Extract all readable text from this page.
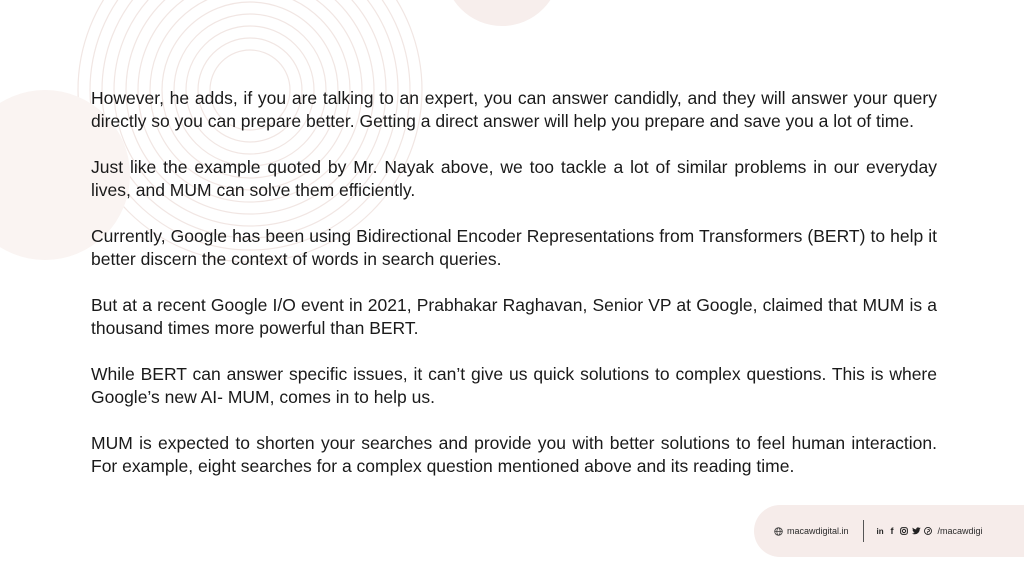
However, he adds, if you are talking to an expert, you can answer candidly, and they will answer your query directly so you can prepare better. Getting a direct answer will help you prepare and save you a lot of time.

Just like the example quoted by Mr. Nayak above, we too tackle a lot of similar problems in our everyday lives, and MUM can solve them efficiently.

Currently, Google has been using Bidirectional Encoder Representations from Transformers (BERT) to help it better discern the context of words in search queries.

But at a recent Google I/O event in 2021, Prabhakar Raghavan, Senior VP at Google, claimed that MUM is a thousand times more powerful than BERT.

While BERT can answer specific issues, it can’t give us quick solutions to complex questions. This is where Google’s new AI- MUM, comes in to help us.

MUM is expected to shorten your searches and provide you with better solutions to feel human interaction. For example, eight searches for a complex question mentioned above and its reading time.

macawdigital.in	in f	/macawdigi
